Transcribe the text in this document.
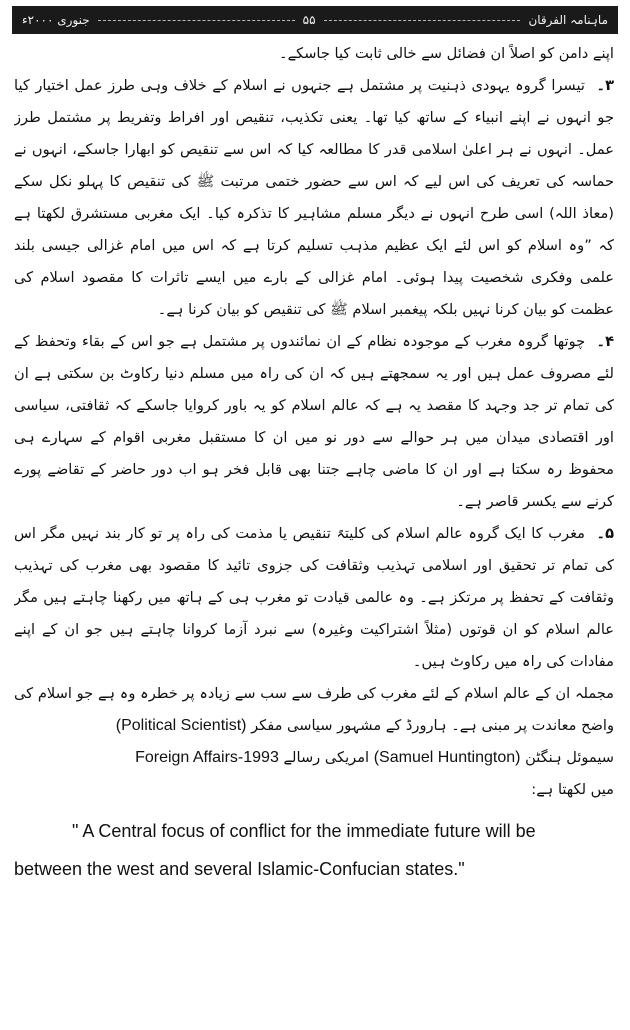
جنوری ۲۰۰۰ء	۵۵	ماہنامہ الفرقان

اپنے دامن کو اصلاً ان فضائل سے خالی ثابت کیا جاسکے۔

۳۔ تیسرا گروہ یہودی ذہنیت پر مشتمل ہے جنہوں نے اسلام کے خلاف وہی طرز عمل اختیار کیا جو انہوں نے اپنے انبیاء کے ساتھ کیا تھا۔ یعنی تکذیب، تنقیص اور افراط وتفریط پر مشتمل طرز عمل۔ انہوں نے ہر اعلیٰ اسلامی قدر کا مطالعہ کیا کہ اس سے تنقیص کو ابھارا جاسکے، انہوں نے حماسہ کی تعریف کی اس لیے کہ اس سے حضور ختمی مرتبت ﷺ کی تنقیص کا پہلو نکل سکے (معاذ اللہ) اسی طرح انہوں نے دیگر مسلم مشاہیر کا تذکرہ کیا۔ ایک مغربی مستشرق لکھتا ہے کہ ”وہ اسلام کو اس لئے ایک عظیم مذہب تسلیم کرتا ہے کہ اس میں امام غزالی جیسی بلند علمی وفکری شخصیت پیدا ہوئی۔ امام غزالی کے بارے میں ایسے تاثرات کا مقصود اسلام کی عظمت کو بیان کرنا نہیں بلکہ پیغمبر اسلام ﷺ کی تنقیص کو بیان کرنا ہے۔

۴۔ چوتھا گروہ مغرب کے موجودہ نظام کے ان نمائندوں پر مشتمل ہے جو اس کے بقاء وتحفظ کے لئے مصروف عمل ہیں اور یہ سمجھتے ہیں کہ ان کی راہ میں مسلم دنیا رکاوٹ بن سکتی ہے ان کی تمام تر جد وجہد کا مقصد یہ ہے کہ عالم اسلام کو یہ باور کروایا جاسکے کہ ثقافتی، سیاسی اور اقتصادی میدان میں ہر حوالے سے دور نو میں ان کا مستقبل مغربی اقوام کے سہارے ہی محفوظ رہ سکتا ہے اور ان کا ماضی چاہے جتنا بھی قابل فخر ہو اب دور حاضر کے تقاضے پورے کرنے سے یکسر قاصر ہے۔

۵۔ مغرب کا ایک گروہ عالم اسلام کی کلیتہً تنقیص یا مذمت کی راہ پر تو کار بند نہیں مگر اس کی تمام تر تحقیق اور اسلامی تہذیب وثقافت کی جزوی تائید کا مقصود بھی مغرب کی تہذیب وثقافت کے تحفظ پر مرتکز ہے۔ وہ عالمی قیادت تو مغرب ہی کے ہاتھ میں رکھنا چاہتے ہیں مگر عالم اسلام کو ان قوتوں (مثلاً اشتراکیت وغیرہ) سے نبرد آزما کروانا چاہتے ہیں جو ان کے اپنے مفادات کی راہ میں رکاوٹ ہیں۔

مجملہ ان کے عالم اسلام کے لئے مغرب کی طرف سے سب سے زیادہ پر خطرہ وہ ہے جو اسلام کی واضح معاندت پر مبنی ہے۔ ہارورڈ کے مشہور سیاسی مفکر (Political Scientist)

سیموئل ہنگٹن (Samuel Huntington) امریکی رسالے Foreign Affairs-1993

میں لکھتا ہے:

" A Central focus of conflict for the immediate future will be
between the west and several Islamic-Confucian states."
